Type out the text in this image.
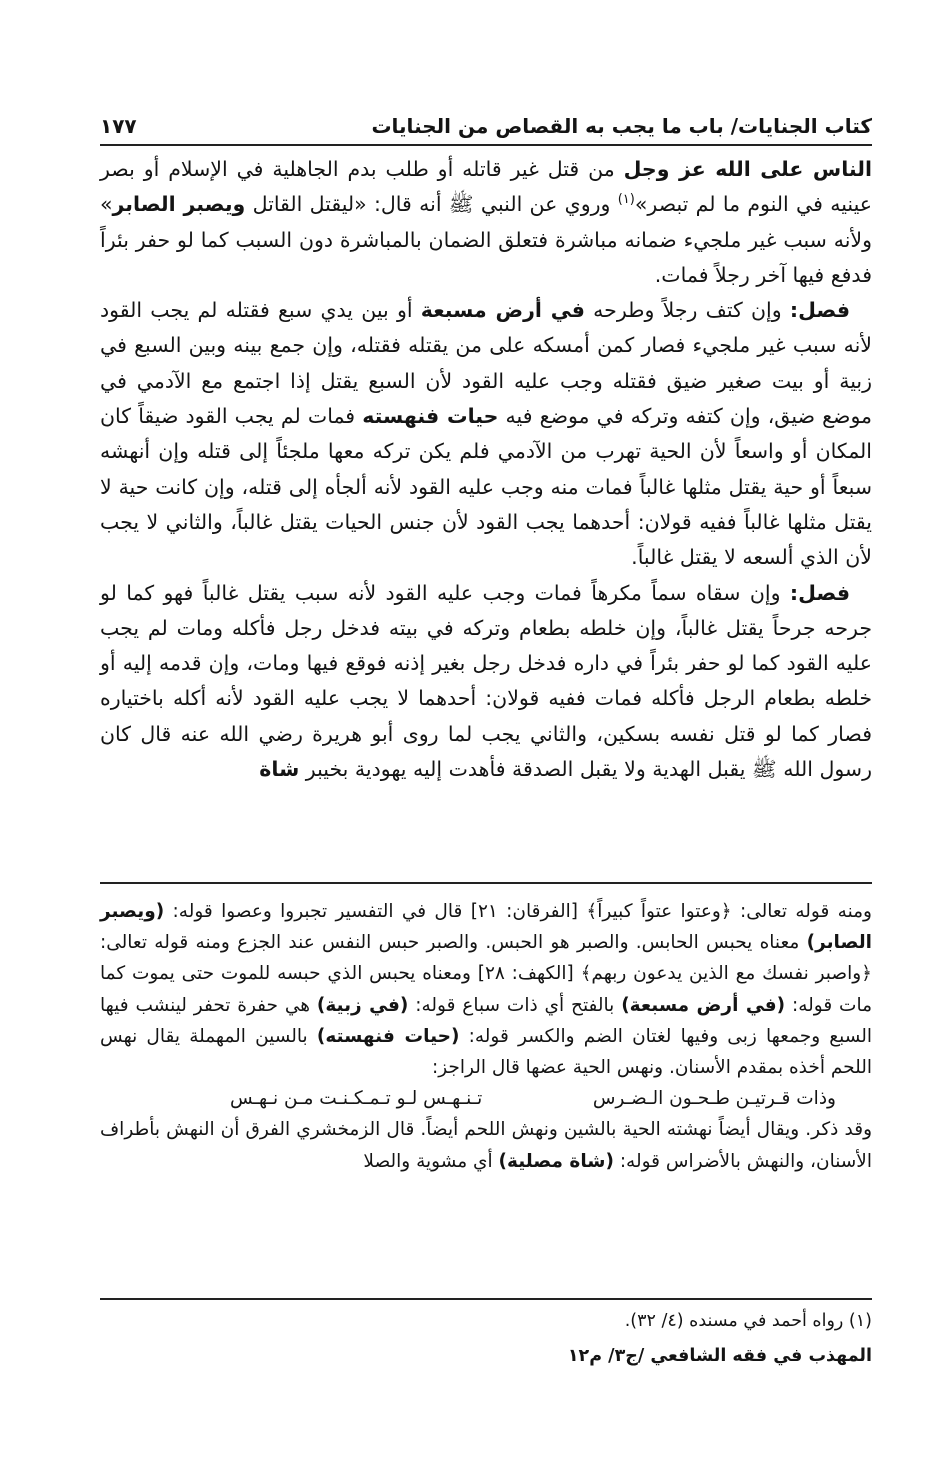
كتاب الجنايات/ باب ما يجب به القصاص من الجنايات
١٧٧

الناس على الله عز وجل من قتل غير قاتله أو طلب بدم الجاهلية في الإسلام أو بصر عينيه في النوم ما لم تبصر»$^{(١)}$ وروي عن النبي ﷺ أنه قال: «ليقتل القاتل ويصبر الصابر» ولأنه سبب غير ملجيء ضمانه مباشرة فتعلق الضمان بالمباشرة دون السبب كما لو حفر بئراً فدفع فيها آخر رجلاً فمات.

فصل: وإن كتف رجلاً وطرحه في أرض مسبعة أو بين يدي سبع فقتله لم يجب القود لأنه سبب غير ملجيء فصار كمن أمسكه على من يقتله فقتله، وإن جمع بينه وبين السبع في زبية أو بيت صغير ضيق فقتله وجب عليه القود لأن السبع يقتل إذا اجتمع مع الآدمي في موضع ضيق، وإن كتفه وتركه في موضع فيه حيات فنهسته فمات لم يجب القود ضيقاً كان المكان أو واسعاً لأن الحية تهرب من الآدمي فلم يكن تركه معها ملجئاً إلى قتله وإن أنهشه سبعاً أو حية يقتل مثلها غالباً فمات منه وجب عليه القود لأنه ألجأه إلى قتله، وإن كانت حية لا يقتل مثلها غالباً ففيه قولان: أحدهما يجب القود لأن جنس الحيات يقتل غالباً، والثاني لا يجب لأن الذي ألسعه لا يقتل غالباً.

فصل: وإن سقاه سماً مكرهاً فمات وجب عليه القود لأنه سبب يقتل غالباً فهو كما لو جرحه جرحاً يقتل غالباً، وإن خلطه بطعام وتركه في بيته فدخل رجل فأكله ومات لم يجب عليه القود كما لو حفر بئراً في داره فدخل رجل بغير إذنه فوقع فيها ومات، وإن قدمه إليه أو خلطه بطعام الرجل فأكله فمات ففيه قولان: أحدهما لا يجب عليه القود لأنه أكله باختياره فصار كما لو قتل نفسه بسكين، والثاني يجب لما روى أبو هريرة رضي الله عنه قال كان رسول الله ﷺ يقبل الهدية ولا يقبل الصدقة فأهدت إليه يهودية بخيبر شاة

ومنه قوله تعالى: ﴿وعتوا عتواً كبيراً﴾ [الفرقان: ٢١] قال في التفسير تجبروا وعصوا قوله: (ويصبر الصابر) معناه يحبس الحابس. والصبر هو الحبس. والصبر حبس النفس عند الجزع ومنه قوله تعالى: ﴿واصبر نفسك مع الذين يدعون ربهم﴾ [الكهف: ٢٨] ومعناه يحبس الذي حبسه للموت حتى يموت كما مات قوله: (في أرض مسبعة) بالفتح أي ذات سباع قوله: (في زبية) هي حفرة تحفر لينشب فيها السبع وجمعها زبى وفيها لغتان الضم والكسر قوله: (حيات فنهسته) بالسين المهملة يقال نهس اللحم أخذه بمقدم الأسنان. ونهس الحية عضها قال الراجز:

وذات قـرتيـن طـحـون الـضـرس
تـنـهـس لـو تـمـكـنـت مـن نـهـس

وقد ذكر. ويقال أيضاً نهشته الحية بالشين ونهش اللحم أيضاً. قال الزمخشري الفرق أن النهش بأطراف الأسنان، والنهش بالأضراس قوله: (شاة مصلية) أي مشوية والصلا

(١) رواه أحمد في مسنده (٤/ ٣٢).
المهذب في فقه الشافعي /ج٣/ م١٢
